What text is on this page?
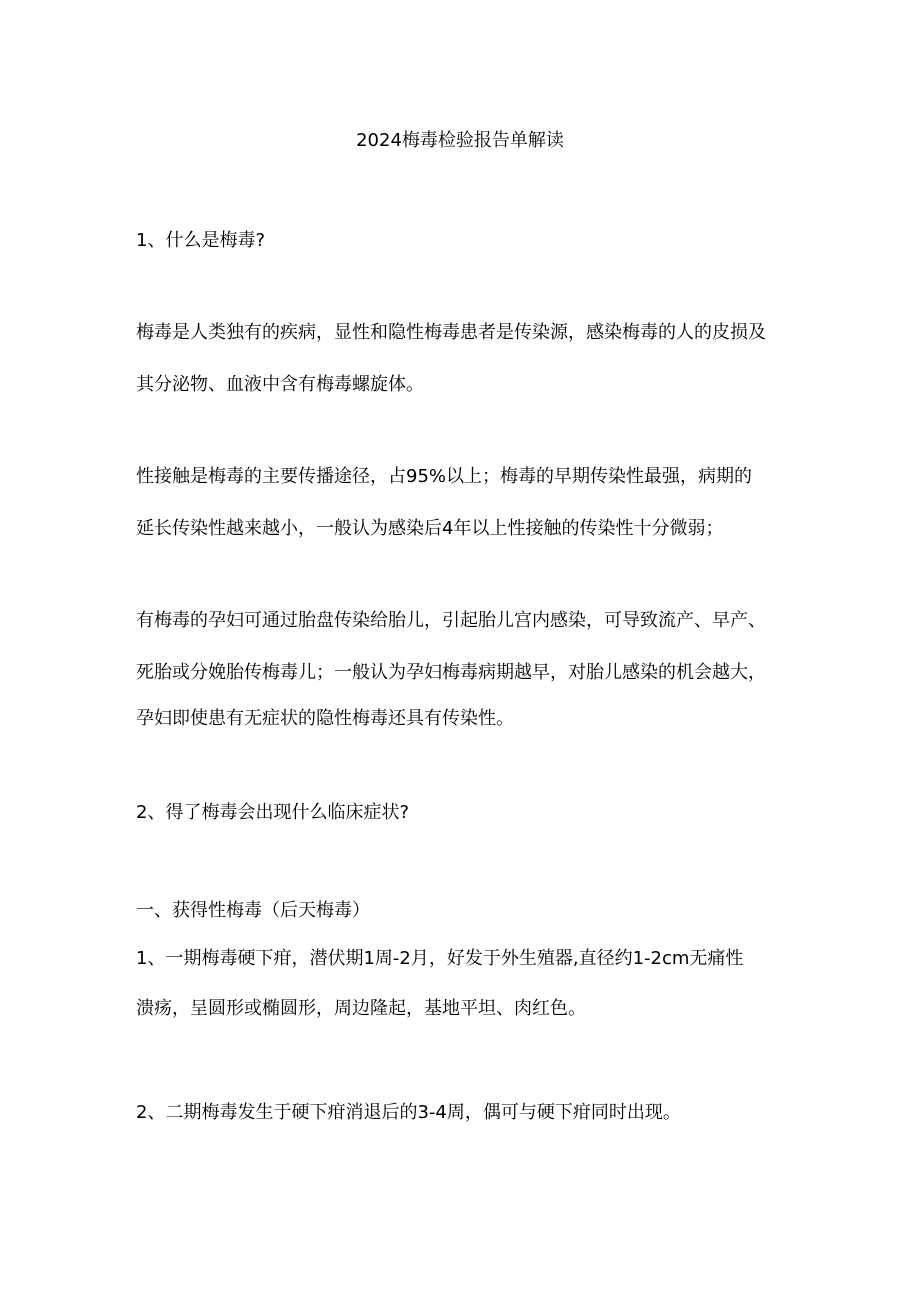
2024梅毒检验报告单解读
1、什么是梅毒?
梅毒是人类独有的疾病，显性和隐性梅毒患者是传染源，感染梅毒的人的皮损及
其分泌物、血液中含有梅毒螺旋体。
性接触是梅毒的主要传播途径，占95%以上；梅毒的早期传染性最强，病期的
延长传染性越来越小，一般认为感染后4年以上性接触的传染性十分微弱；
有梅毒的孕妇可通过胎盘传染给胎儿，引起胎儿宫内感染，可导致流产、早产、
死胎或分娩胎传梅毒儿；一般认为孕妇梅毒病期越早，对胎儿感染的机会越大，
孕妇即使患有无症状的隐性梅毒还具有传染性。
2、得了梅毒会出现什么临床症状?
一、获得性梅毒（后天梅毒）
1、一期梅毒硬下疳，潜伏期1周-2月，好发于外生殖器,直径约1-2cm无痛性
溃疡，呈圆形或椭圆形，周边隆起，基地平坦、肉红色。
2、二期梅毒发生于硬下疳消退后的3-4周，偶可与硬下疳同时出现。
